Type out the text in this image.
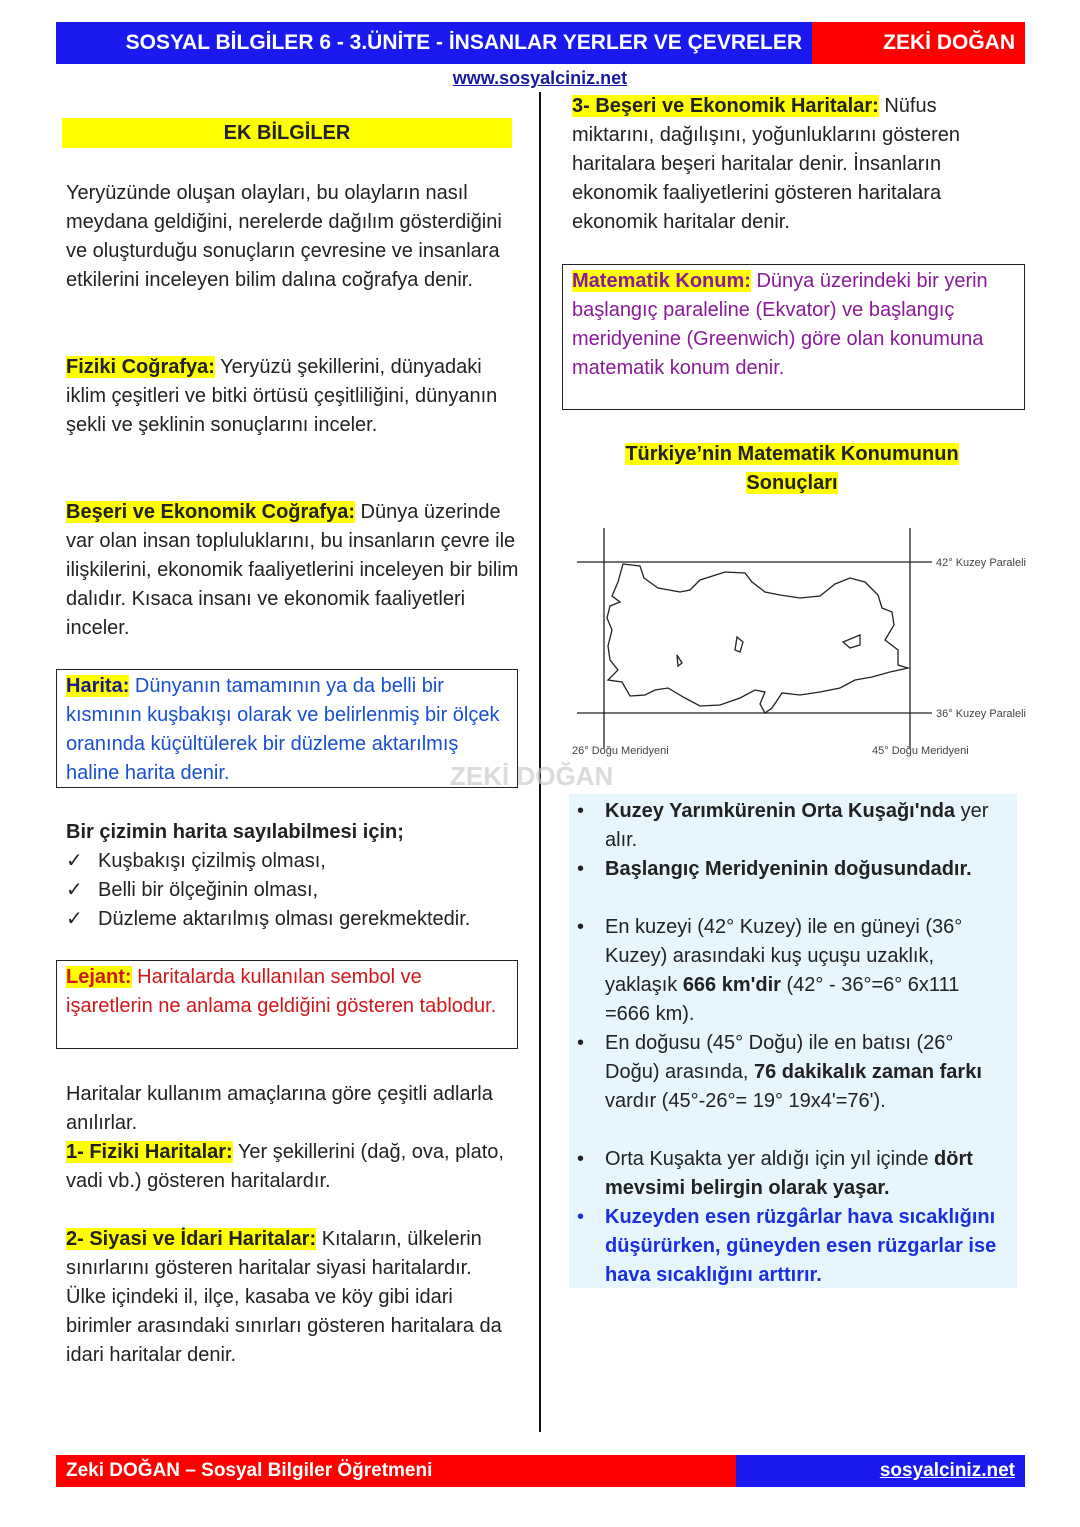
SOSYAL BİLGİLER 6 - 3.ÜNİTE - İNSANLAR YERLER VE ÇEVRELER	ZEKİ DOĞAN
www.sosyalciniz.net
EK BİLGİLER
Yeryüzünde oluşan olayları, bu olayların nasıl meydana geldiğini, nerelerde dağılım gösterdiğini ve oluşturduğu sonuçların çevresine ve insanlara etkilerini inceleyen bilim dalına coğrafya denir.
Fiziki Coğrafya: Yeryüzü şekillerini, dünyadaki iklim çeşitleri ve bitki örtüsü çeşitliliğini, dünyanın şekli ve şeklinin sonuçlarını inceler.
Beşeri ve Ekonomik Coğrafya: Dünya üzerinde var olan insan topluluklarını, bu insanların çevre ile ilişkilerini, ekonomik faaliyetlerini inceleyen bir bilim dalıdır. Kısaca insanı ve ekonomik faaliyetleri inceler.
Harita: Dünyanın tamamının ya da belli bir kısmının kuşbakışı olarak ve belirlenmiş bir ölçek oranında küçültülerek bir düzleme aktarılmış haline harita denir.
Bir çizimin harita sayılabilmesi için;
✓ Kuşbakışı çizilmiş olması,
✓ Belli bir ölçeğinin olması,
✓ Düzleme aktarılmış olması gerekmektedir.
Lejant: Haritalarda kullanılan sembol ve işaretlerin ne anlama geldiğini gösteren tablodur.
Haritalar kullanım amaçlarına göre çeşitli adlarla anılırlar.
1- Fiziki Haritalar: Yer şekillerini (dağ, ova, plato, vadi vb.) gösteren haritalardır.
2- Siyasi ve İdari Haritalar: Kıtaların, ülkelerin sınırlarını gösteren haritalar siyasi haritalardır. Ülke içindeki il, ilçe, kasaba ve köy gibi idari birimler arasındaki sınırları gösteren haritalara da idari haritalar denir.
3- Beşeri ve Ekonomik Haritalar: Nüfus miktarını, dağılışını, yoğunluklarını gösteren haritalara beşeri haritalar denir. İnsanların ekonomik faaliyetlerini gösteren haritalara ekonomik haritalar denir.
Matematik Konum: Dünya üzerindeki bir yerin başlangıç paraleline (Ekvator) ve başlangıç meridyenine (Greenwich) göre olan konumuna matematik konum denir.
Türkiye’nin Matematik Konumunun
Sonuçları
42° Kuzey Paraleli
36° Kuzey Paraleli
26° Doğu Meridyeni	45° Doğu Meridyeni
ZEKİ DOĞAN
• Kuzey Yarımkürenin Orta Kuşağı'nda yer alır.
• Başlangıç Meridyeninin doğusundadır.
• En kuzeyi (42° Kuzey) ile en güneyi (36° Kuzey) arasındaki kuş uçuşu uzaklık, yaklaşık 666 km'dir (42° - 36°=6° 6x111 =666 km).
• En doğusu (45° Doğu) ile en batısı (26° Doğu) arasında, 76 dakikalık zaman farkı vardır (45°-26°= 19° 19x4'=76').
• Orta Kuşakta yer aldığı için yıl içinde dört mevsimi belirgin olarak yaşar.
• Kuzeyden esen rüzgârlar hava sıcaklığını düşürürken, güneyden esen rüzgarlar ise hava sıcaklığını arttırır.
Zeki DOĞAN – Sosyal Bilgiler Öğretmeni	sosyalciniz.net
